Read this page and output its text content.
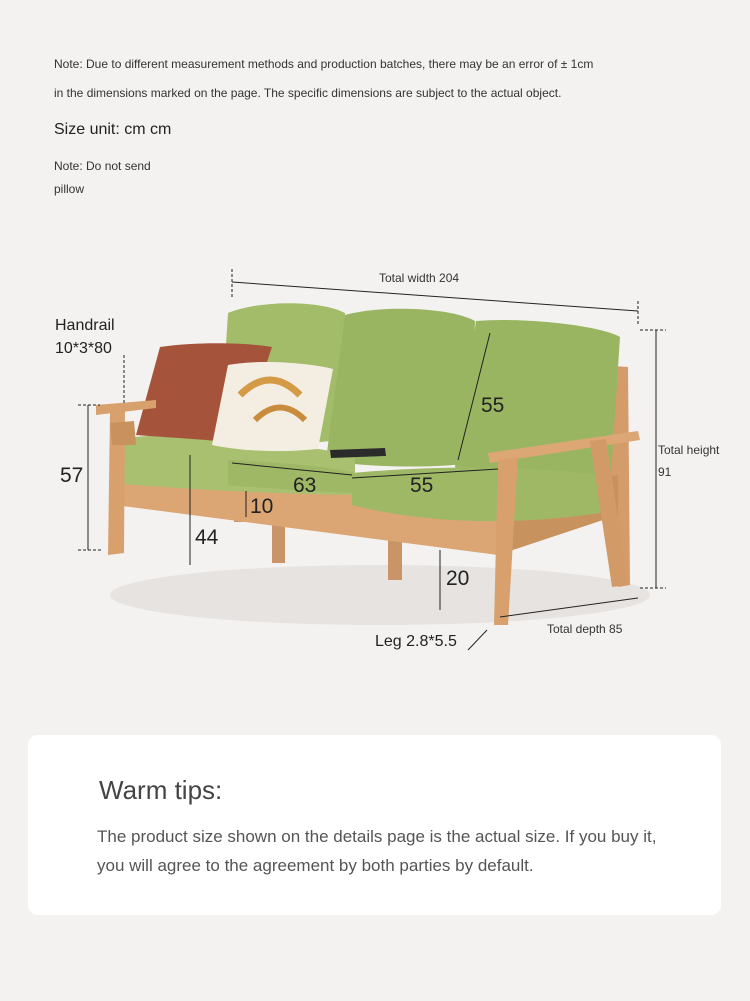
Note: Due to different measurement methods and production batches, there may be an error of ± 1cm
in the dimensions marked on the page. The specific dimensions are subject to the actual object.
Size unit: cm cm
Note: Do not send
pillow
Total width 204
Handrail
10*3*80
55
63	55
10
57
44
20
Total height
91
Total depth 85
Leg 2.8*5.5
Warm tips:
The product size shown on the details page is the actual size. If you buy it, you will agree to the agreement by both parties by default.
